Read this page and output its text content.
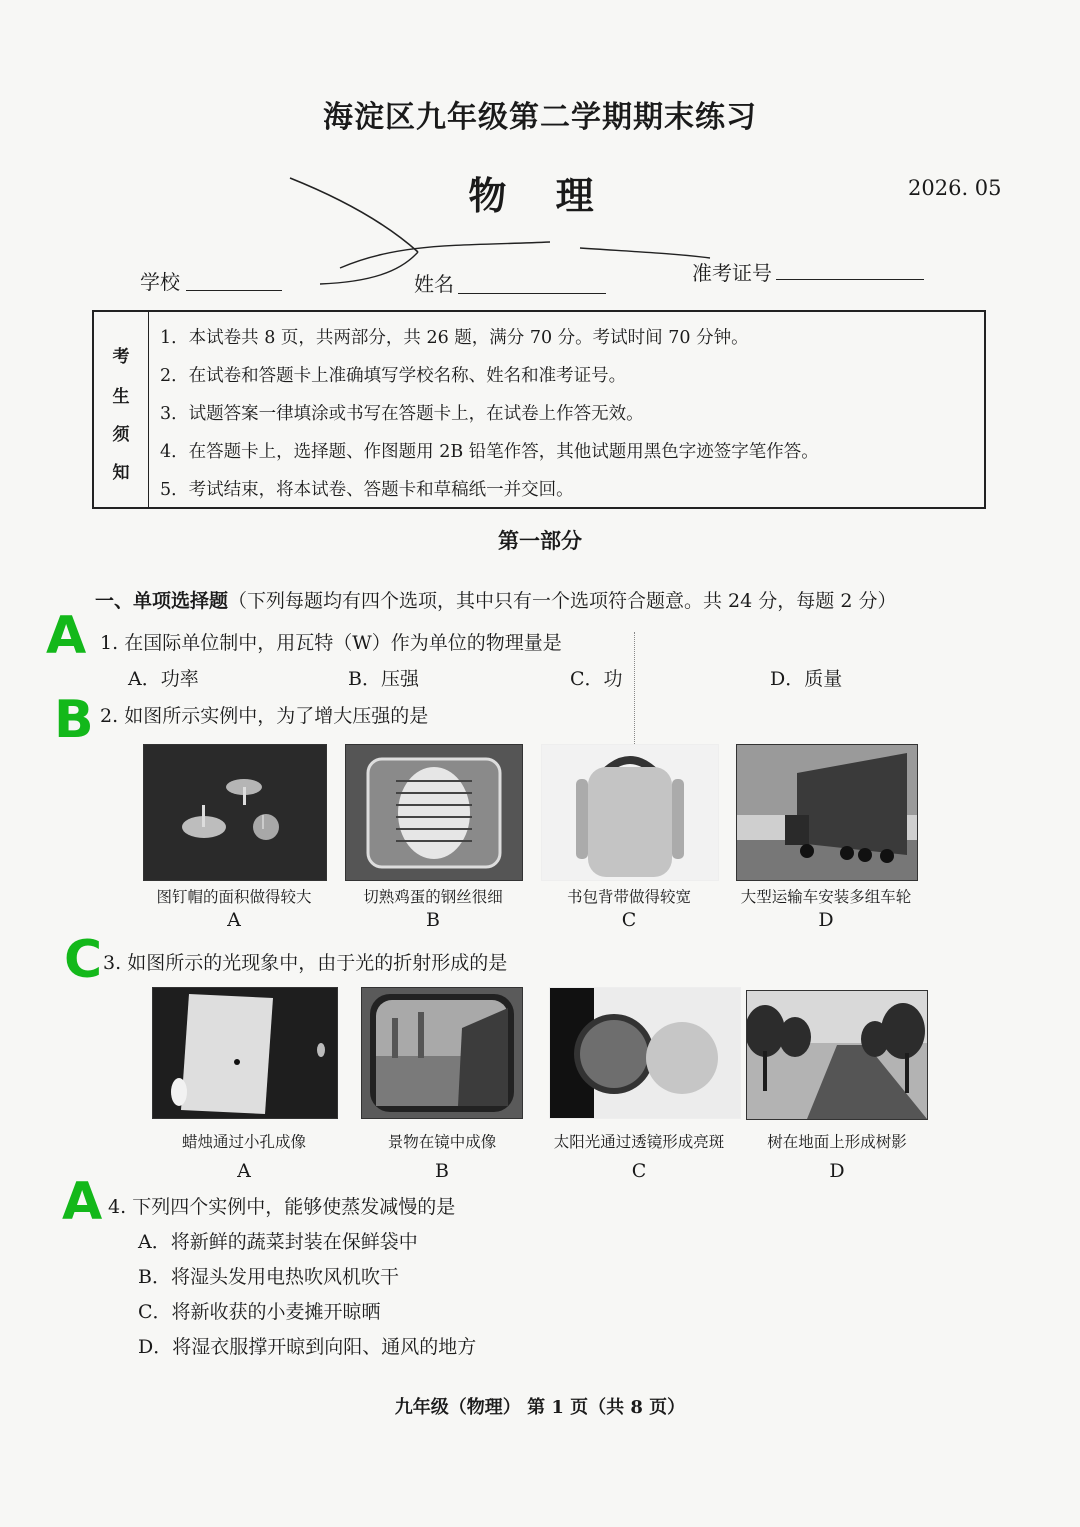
海淀区九年级第二学期期末练习
物 理	2026. 05
学校	姓名	准考证号
考
生
须
知
1．本试卷共 8 页，共两部分，共 26 题，满分 70 分。考试时间 70 分钟。
2．在试卷和答题卡上准确填写学校名称、姓名和准考证号。
3．试题答案一律填涂或书写在答题卡上，在试卷上作答无效。
4．在答题卡上，选择题、作图题用 2B 铅笔作答，其他试题用黑色字迹签字笔作答。
5．考试结束，将本试卷、答题卡和草稿纸一并交回。
第一部分
一、单项选择题（下列每题均有四个选项，其中只有一个选项符合题意。共 24 分，每题 2 分）
A 1. 在国际单位制中，用瓦特（W）作为单位的物理量是
A．功率	B．压强	C．功	D．质量
B 2. 如图所示实例中，为了增大压强的是
图钉帽的面积做得较大	切熟鸡蛋的钢丝很细	书包背带做得较宽	大型运输车安装多组车轮
A	B	C	D
C 3. 如图所示的光现象中，由于光的折射形成的是
蜡烛通过小孔成像	景物在镜中成像	太阳光通过透镜形成亮斑	树在地面上形成树影
A	B	C	D
A 4. 下列四个实例中，能够使蒸发减慢的是
A．将新鲜的蔬菜封装在保鲜袋中
B．将湿头发用电热吹风机吹干
C．将新收获的小麦摊开晾晒
D．将湿衣服撑开晾到向阳、通风的地方
九年级（物理） 第 1 页（共 8 页）
